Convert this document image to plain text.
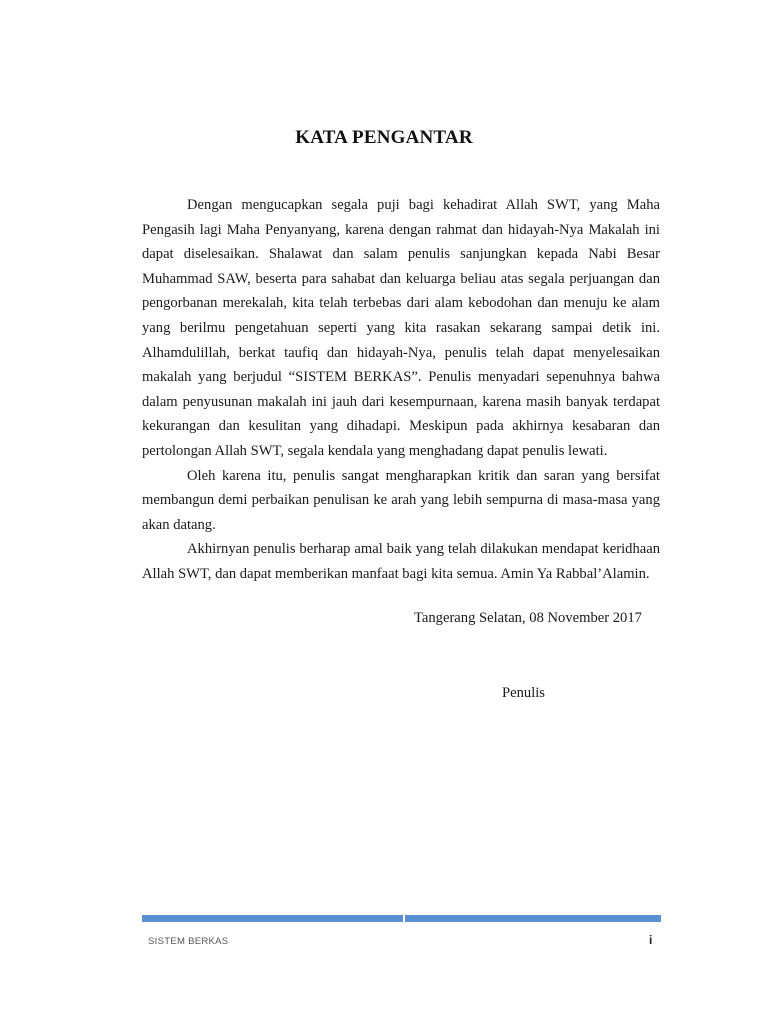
KATA PENGANTAR

Dengan mengucapkan segala puji bagi kehadirat Allah SWT, yang Maha Pengasih lagi Maha Penyanyang, karena dengan rahmat dan hidayah-Nya Makalah ini dapat diselesaikan. Shalawat dan salam penulis sanjungkan kepada Nabi Besar Muhammad SAW, beserta para sahabat dan keluarga beliau atas segala perjuangan dan pengorbanan merekalah, kita telah terbebas dari alam kebodohan dan menuju ke alam yang berilmu pengetahuan seperti yang kita rasakan sekarang sampai detik ini. Alhamdulillah, berkat taufiq dan hidayah-Nya, penulis telah dapat menyelesaikan makalah yang berjudul “SISTEM BERKAS”. Penulis menyadari sepenuhnya bahwa dalam penyusunan makalah ini jauh dari kesempurnaan, karena masih banyak terdapat kekurangan dan kesulitan yang dihadapi. Meskipun pada akhirnya kesabaran dan pertolongan Allah SWT, segala kendala yang menghadang dapat penulis lewati.

Oleh karena itu, penulis sangat mengharapkan kritik dan saran yang bersifat membangun demi perbaikan penulisan ke arah yang lebih sempurna di masa-masa yang akan datang.

Akhirnyan penulis berharap amal baik yang telah dilakukan mendapat keridhaan Allah SWT, dan dapat memberikan manfaat bagi kita semua. Amin Ya Rabbal’Alamin.

Tangerang Selatan, 08 November 2017
Penulis
SISTEM BERKAS	i
